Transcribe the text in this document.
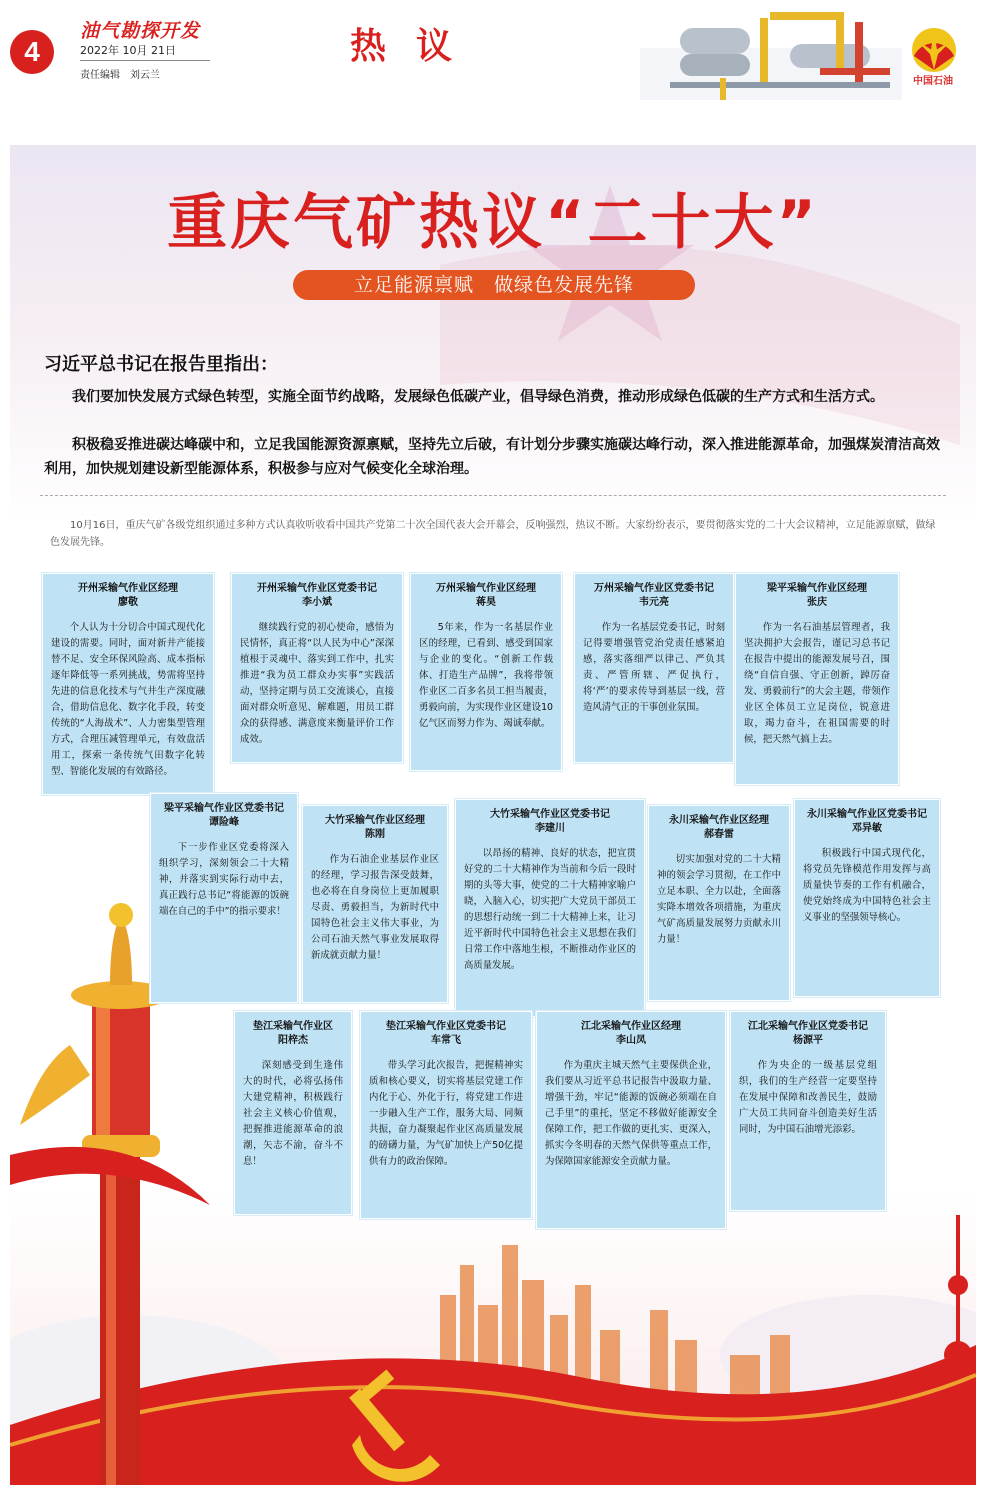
4
油气勘探开发
2022年 10月 21日
责任编辑　刘云兰
热议
中国石油
重庆气矿热议“二十大”
立足能源禀赋　做绿色发展先锋
习近平总书记在报告里指出：

我们要加快发展方式绿色转型，实施全面节约战略，发展绿色低碳产业，倡导绿色消费，推动形成绿色低碳的生产方式和生活方式。

积极稳妥推进碳达峰碳中和，立足我国能源资源禀赋，坚持先立后破，有计划分步骤实施碳达峰行动，深入推进能源革命，加强煤炭清洁高效利用，加快规划建设新型能源体系，积极参与应对气候变化全球治理。

10月16日，重庆气矿各级党组织通过多种方式认真收听收看中国共产党第二十次全国代表大会开幕会，反响强烈，热议不断。大家纷纷表示，要贯彻落实党的二十大会议精神，立足能源禀赋，做绿色发展先锋。

开州采输气作业区经理
廖敬

个人认为十分切合中国式现代化建设的需要。同时，面对新井产能接替不足、安全环保风险高、成本指标逐年降低等一系列挑战，势需将坚持先进的信息化技术与气井生产深度融合，借助信息化、数字化手段，转变传统的“人海战术”、人力密集型管理方式，合理压减管理单元，有效盘活用工，探索一条传统气田数字化转型、智能化发展的有效路径。

开州采输气作业区党委书记
李小斌

继续践行党的初心使命，感悟为民情怀，真正将“以人民为中心”深深植根于灵魂中、落实到工作中，扎实推进“我为员工群众办实事”实践活动，坚持定期与员工交流谈心，直接面对群众听意见、解难题，用员工群众的获得感、满意度来衡量评价工作成效。

万州采输气作业区经理
蒋昊

5年来，作为一名基层作业区的经理，已看到、感受到国家与企业的变化。“创新工作载体、打造生产品牌”，我将带领作业区二百多名员工担当履责，勇毅向前，为实现作业区建设10亿气区而努力作为、竭诚奉献。

万州采输气作业区党委书记
韦元亮

作为一名基层党委书记，时刻记得要增强管党治党责任感紧迫感，落实落细严以律己、严负其责、严管所辖、严促执行，将‘严’的要求传导到基层一线，营造风清气正的干事创业氛围。

梁平采输气作业区经理
张庆

作为一名石油基层管理者，我坚决拥护大会报告，谨记习总书记在报告中提出的能源发展号召，围绕“自信自强、守正创新，踔厉奋发、勇毅前行”的大会主题，带领作业区全体员工立足岗位，锐意进取，竭力奋斗，在祖国需要的时候，把天然气搞上去。

梁平采输气作业区党委书记
谭险峰

下一步作业区党委将深入组织学习，深刻领会二十大精神，并落实到实际行动中去，真正践行总书记“将能源的饭碗端在自己的手中”的指示要求！

大竹采输气作业区经理
陈刚

作为石油企业基层作业区的经理，学习报告深受鼓舞，也必将在自身岗位上更加履职尽责、勇毅担当，为新时代中国特色社会主义伟大事业，为公司石油天然气事业发展取得新成就贡献力量！

大竹采输气作业区党委书记
李建川

以昂扬的精神、良好的状态，把宣贯好党的二十大精神作为当前和今后一段时期的头等大事，使党的二十大精神家喻户晓，入脑入心，切实把广大党员干部员工的思想行动统一到二十大精神上来，让习近平新时代中国特色社会主义思想在我们日常工作中落地生根，不断推动作业区的高质量发展。

永川采输气作业区经理
郝春雷

切实加强对党的二十大精神的领会学习贯彻，在工作中立足本职、全力以赴，全面落实降本增效各项措施，为重庆气矿高质量发展努力贡献永川力量！

永川采输气作业区党委书记
邓异敏

积极践行中国式现代化，将党员先锋模范作用发挥与高质量快节奏的工作有机融合，使党始终成为中国特色社会主义事业的坚强领导核心。

垫江采输气作业区
阳梓杰

深刻感受到生逢伟大的时代，必将弘扬伟大建党精神，积极践行社会主义核心价值观，把握推进能源革命的浪潮，矢志不渝，奋斗不息！

垫江采输气作业区党委书记
车常飞

带头学习此次报告，把握精神实质和核心要义，切实将基层党建工作内化于心、外化于行，将党建工作进一步融入生产工作，服务大局、同频共振，奋力凝聚起作业区高质量发展的磅礴力量，为气矿加快上产50亿提供有力的政治保障。

江北采输气作业区经理
李山凤

作为重庆主城天然气主要保供企业，我们要从习近平总书记报告中汲取力量、增强干劲，牢记“能源的饭碗必须端在自己手里”的重托，坚定不移做好能源安全保障工作，把工作做的更扎实、更深入，抓实今冬明春的天然气保供等重点工作，为保障国家能源安全贡献力量。

江北采输气作业区党委书记
杨源平

作为央企的一级基层党组织，我们的生产经营一定要坚持在发展中保障和改善民生，鼓励广大员工共同奋斗创造美好生活同时，为中国石油增光添彩。
